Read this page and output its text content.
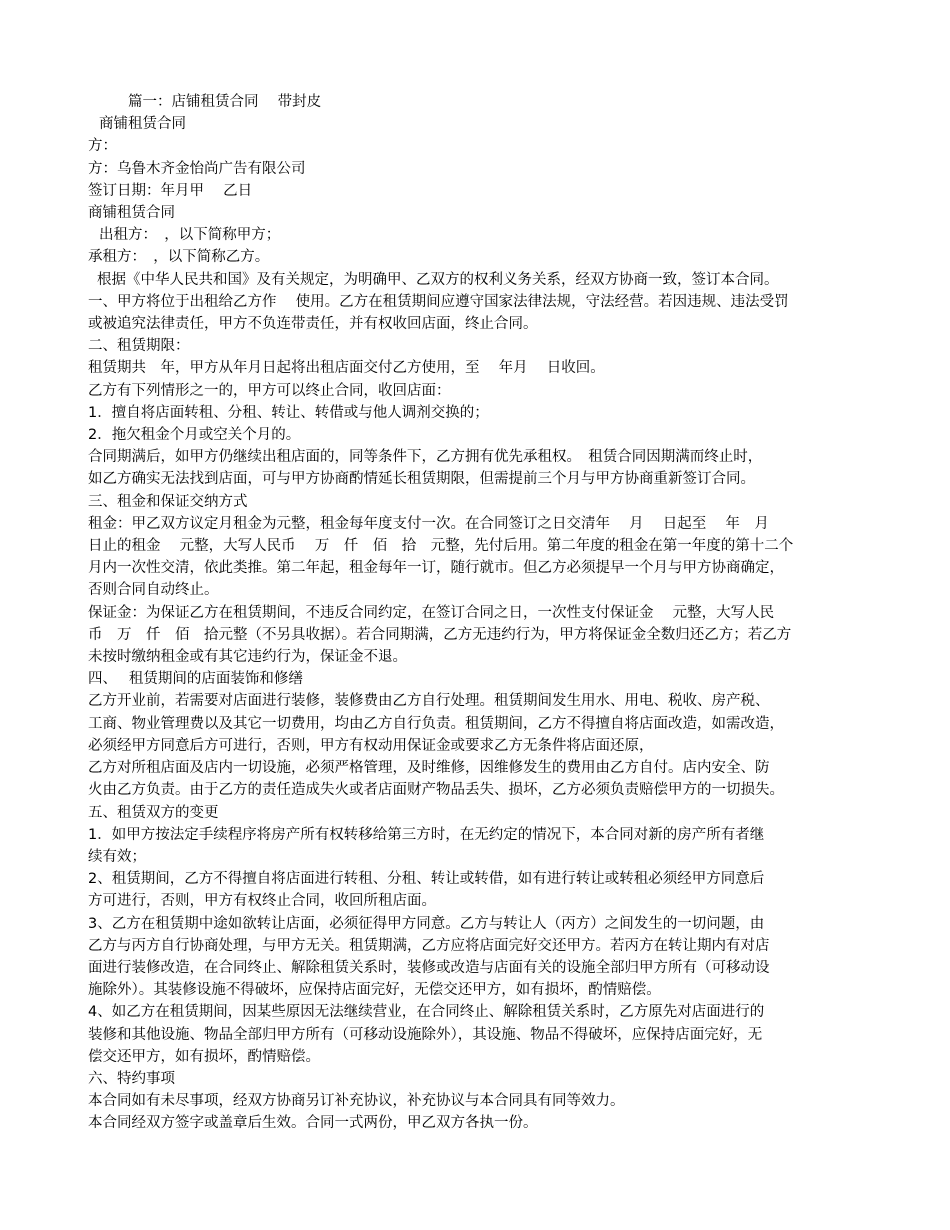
篇一：店铺租赁合同　 带封皮
商铺租赁合同
方：
方：乌鲁木齐金怡尚广告有限公司
签订日期：年月甲　 乙日
商铺租赁合同
出租方：　，以下简称甲方；
承租方：　，以下简称乙方。
根据《中华人民共和国》及有关规定，为明确甲、乙双方的权利义务关系，经双方协商一致，签订本合同。
一、甲方将位于出租给乙方作　 使用。乙方在租赁期间应遵守国家法律法规，守法经营。若因违规、违法受罚
或被追究法律责任，甲方不负连带责任，并有权收回店面，终止合同。
二、租赁期限：
租赁期共　年，甲方从年月日起将出租店面交付乙方使用，至　 年月　 日收回。
乙方有下列情形之一的，甲方可以终止合同，收回店面：
1．擅自将店面转租、分租、转让、转借或与他人调剂交换的；
2．拖欠租金个月或空关个月的。
合同期满后，如甲方仍继续出租店面的，同等条件下，乙方拥有优先承租权。　租赁合同因期满而终止时，
如乙方确实无法找到店面，可与甲方协商酌情延长租赁期限，但需提前三个月与甲方协商重新签订合同。
三、租金和保证交纳方式
租金：甲乙双方议定月租金为元整，租金每年度支付一次。在合同签订之日交清年　 月　 日起至　 年　月
日止的租金　 元整，大写人民币　 万　仟　佰　拾　元整，先付后用。第二年度的租金在第一年度的第十二个
月内一次性交清，依此类推。第二年起，租金每年一订，随行就市。但乙方必须提早一个月与甲方协商确定，
否则合同自动终止。
保证金：为保证乙方在租赁期间，不违反合同约定，在签订合同之日，一次性支付保证金　 元整，大写人民
币　万　仟　佰　拾元整（不另具收据）。若合同期满，乙方无违约行为，甲方将保证金全数归还乙方；若乙方
未按时缴纳租金或有其它违约行为，保证金不退。
四、　 租赁期间的店面装饰和修缮
乙方开业前，若需要对店面进行装修，装修费由乙方自行处理。租赁期间发生用水、用电、税收、房产税、
工商、物业管理费以及其它一切费用，均由乙方自行负责。租赁期间，乙方不得擅自将店面改造，如需改造，
必须经甲方同意后方可进行，否则，甲方有权动用保证金或要求乙方无条件将店面还原，
乙方对所租店面及店内一切设施，必须严格管理，及时维修，因维修发生的费用由乙方自付。店内安全、防
火由乙方负责。由于乙方的责任造成失火或者店面财产物品丢失、损坏，乙方必须负责赔偿甲方的一切损失。
五、租赁双方的变更
1．如甲方按法定手续程序将房产所有权转移给第三方时，在无约定的情况下，本合同对新的房产所有者继
续有效；
2、租赁期间，乙方不得擅自将店面进行转租、分租、转让或转借，如有进行转让或转租必须经甲方同意后
方可进行，否则，甲方有权终止合同，收回所租店面。
3、乙方在租赁期中途如欲转让店面，必须征得甲方同意。乙方与转让人（丙方）之间发生的一切问题，由
乙方与丙方自行协商处理，与甲方无关。租赁期满，乙方应将店面完好交还甲方。若丙方在转让期内有对店
面进行装修改造，在合同终止、解除租赁关系时，装修或改造与店面有关的设施全部归甲方所有（可移动设
施除外）。其装修设施不得破坏，应保持店面完好，无偿交还甲方，如有损坏，酌情赔偿。
4、如乙方在租赁期间，因某些原因无法继续营业，在合同终止、解除租赁关系时，乙方原先对店面进行的
装修和其他设施、物品全部归甲方所有（可移动设施除外），其设施、物品不得破坏，应保持店面完好，无
偿交还甲方，如有损坏，酌情赔偿。
六、特约事项
本合同如有未尽事项，经双方协商另订补充协议，补充协议与本合同具有同等效力。
本合同经双方签字或盖章后生效。合同一式两份，甲乙双方各执一份。
